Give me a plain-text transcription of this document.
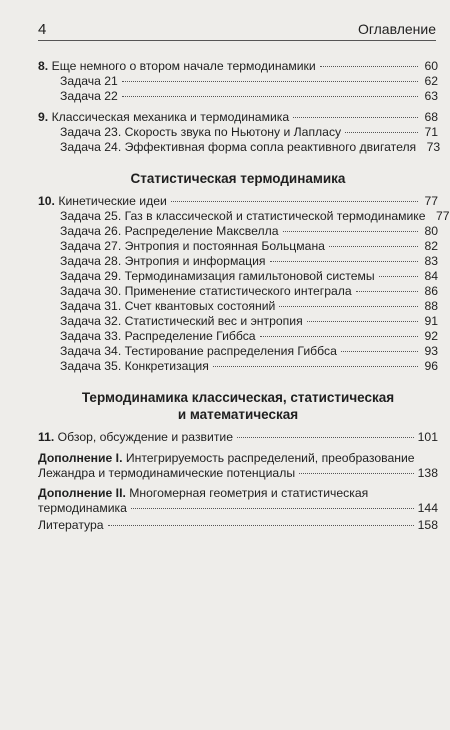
4	Оглавление
8. Еще немного о втором начале термодинамики	60
Задача 21	62
Задача 22	63
9. Классическая механика и термодинамика	68
Задача 23. Скорость звука по Ньютону и Лапласу	71
Задача 24. Эффективная форма сопла реактивного двигателя 73
Статистическая термодинамика
10. Кинетические идеи	77
Задача 25. Газ в классической и статистической термодинамике 77
Задача 26. Распределение Максвелла	80
Задача 27. Энтропия и постоянная Больцмана	82
Задача 28. Энтропия и информация	83
Задача 29. Термодинамизация гамильтоновой системы	84
Задача 30. Применение статистического интеграла	86
Задача 31. Счет квантовых состояний	88
Задача 32. Статистический вес и энтропия	91
Задача 33. Распределение Гиббса	92
Задача 34. Тестирование распределения Гиббса	93
Задача 35. Конкретизация	96
Термодинамика классическая, статистическая
и математическая
11. Обзор, обсуждение и развитие	101
Дополнение I. Интегрируемость распределений, преобразование
Лежандра и термодинамические потенциалы	138
Дополнение II. Многомерная геометрия и статистическая
термодинамика	144
Литература	158
